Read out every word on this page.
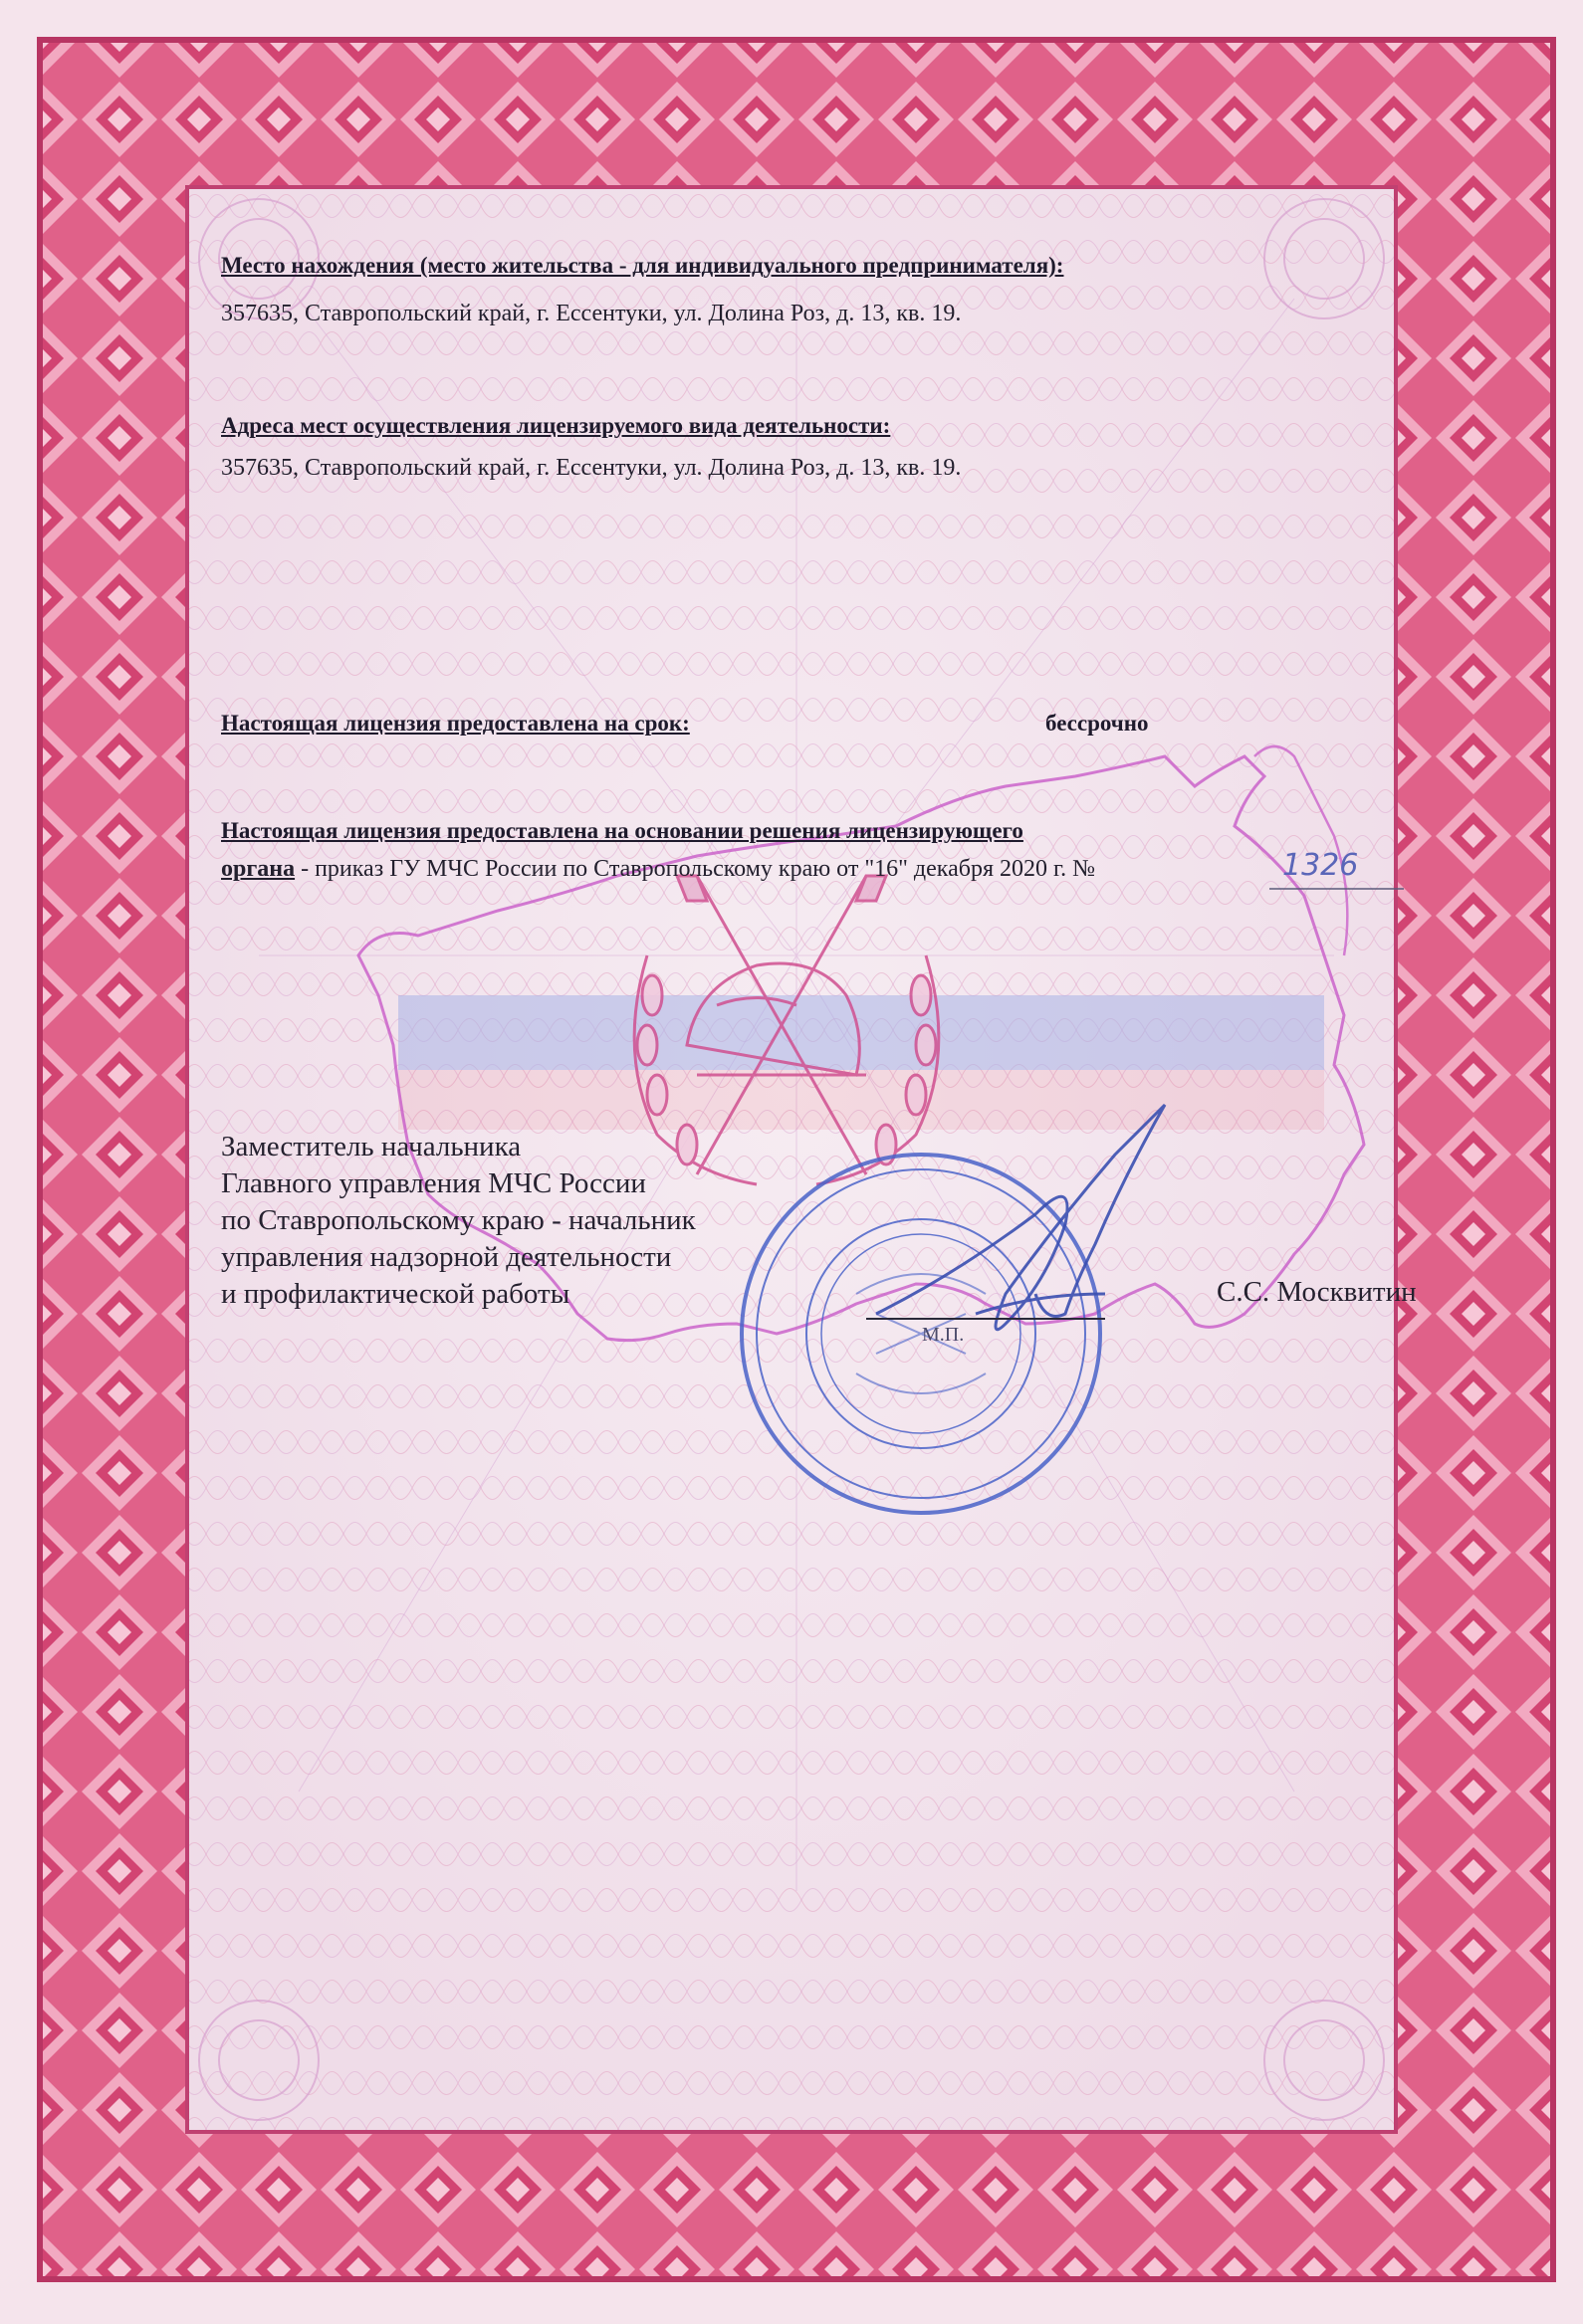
Место нахождения (место жительства - для индивидуального предпринимателя):
357635, Ставропольский край, г. Ессентуки, ул. Долина Роз, д. 13, кв. 19.
Адреса мест осуществления лицензируемого вида деятельности:
357635, Ставропольский край, г. Ессентуки, ул. Долина Роз, д. 13, кв. 19.
Настоящая лицензия предоставлена на срок:	бессрочно
Настоящая лицензия предоставлена на основании решения лицензирующего
органа - приказ ГУ МЧС России по Ставропольскому краю от "16" декабря 2020 г. №	1326
Заместитель начальника
Главного управления МЧС России
по Ставропольскому краю - начальник
управления надзорной деятельности
и профилактической работы
М.П.
С.С. Москвитин
